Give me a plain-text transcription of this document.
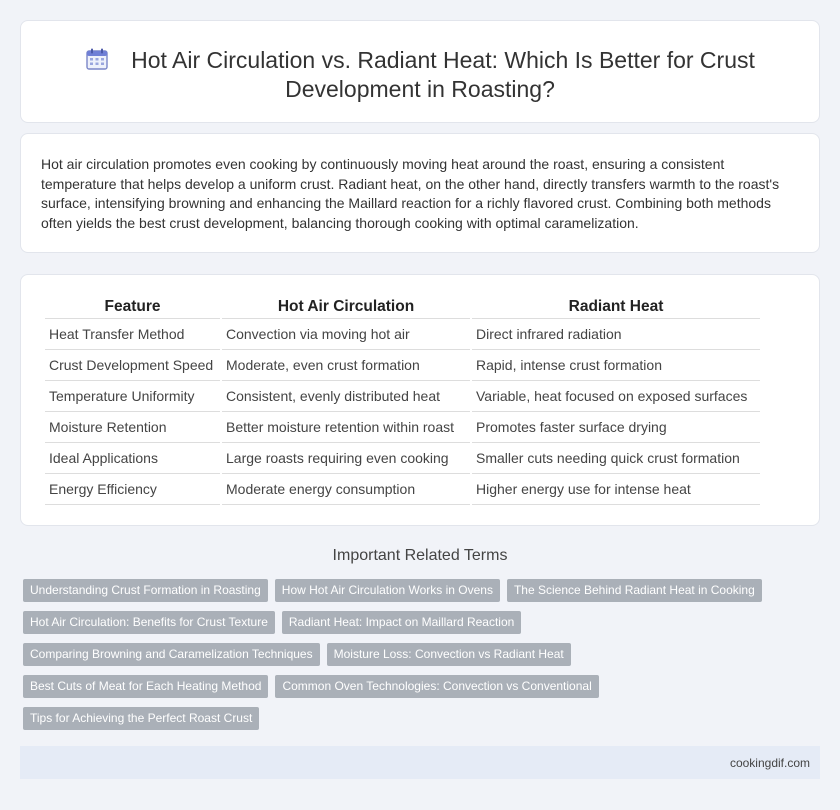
Hot Air Circulation vs. Radiant Heat: Which Is Better for Crust Development in Roasting?

Hot air circulation promotes even cooking by continuously moving heat around the roast, ensuring a consistent temperature that helps develop a uniform crust. Radiant heat, on the other hand, directly transfers warmth to the roast's surface, intensifying browning and enhancing the Maillard reaction for a richly flavored crust. Combining both methods often yields the best crust development, balancing thorough cooking with optimal caramelization.

Feature	Hot Air Circulation	Radiant Heat
Heat Transfer Method	Convection via moving hot air	Direct infrared radiation
Crust Development Speed	Moderate, even crust formation	Rapid, intense crust formation
Temperature Uniformity	Consistent, evenly distributed heat	Variable, heat focused on exposed surfaces
Moisture Retention	Better moisture retention within roast	Promotes faster surface drying
Ideal Applications	Large roasts requiring even cooking	Smaller cuts needing quick crust formation
Energy Efficiency	Moderate energy consumption	Higher energy use for intense heat
Important Related Terms
Understanding Crust Formation in Roasting	How Hot Air Circulation Works in Ovens	The Science Behind Radiant Heat in Cooking
Hot Air Circulation: Benefits for Crust Texture	Radiant Heat: Impact on Maillard Reaction
Comparing Browning and Caramelization Techniques	Moisture Loss: Convection vs Radiant Heat
Best Cuts of Meat for Each Heating Method	Common Oven Technologies: Convection vs Conventional
Tips for Achieving the Perfect Roast Crust
cookingdif.com
